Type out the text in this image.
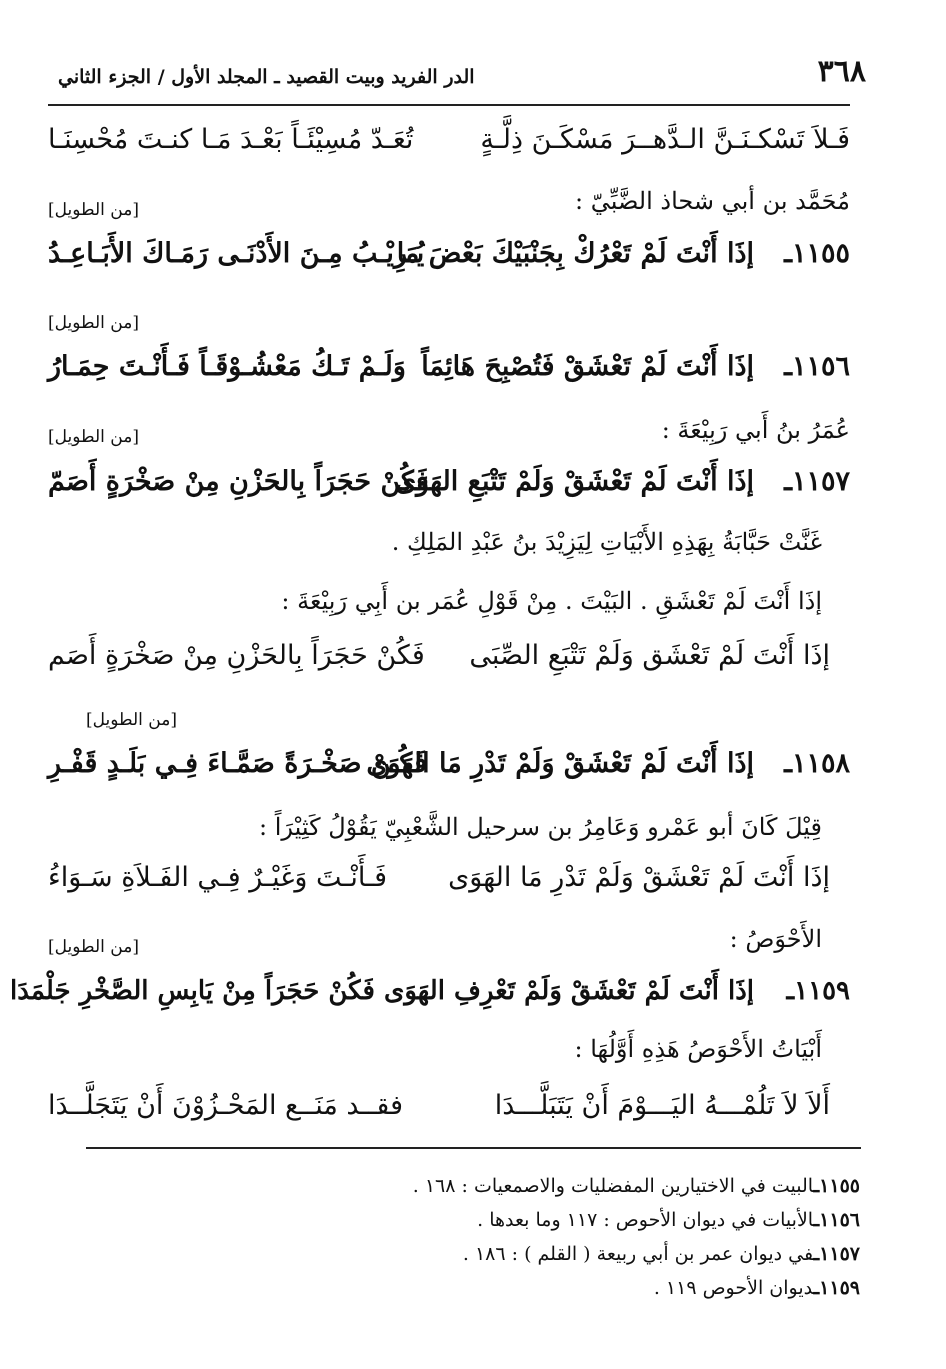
٣٦٨
الدر الفريد وبيت القصيد ـ المجلد الأول / الجزء الثاني
فَـلاَ تَسْكـنَـنَّ الـدَّهــرَ مَسْكَـنَ ذِلَّـةٍ
تُعَـدّ مُسِيْئَـاً بَعْـدَ مَـا كنـتَ مُحْسِنَـا
مُحَمَّد بن أبي شحاذ الضَّبِّيّ :
[من الطويل]
١١٥٥ـ
إذَا أَنْتَ لَمْ تَعْرُكْ بِجَنْبَيْكَ بَعْضَ مَا
يُـرِيْـبُ مِـنَ الأَدْنَـى رَمَـاكَ الأَبَـاعِـدُ
[من الطويل]
١١٥٦ـ
إذَا أَنْتَ لَمْ تَعْشَقْ فَتُصْبِحَ هَائِمَاً
وَلَـمْ تَـكُ مَعْشُـوْقَـاً فَـأَنْـتَ حِمَـارُ
عُمَرُ بنُ أَبي رَبِيْعَةَ :
[من الطويل]
١١٥٧ـ
إذَا أَنْتَ لَمْ تَعْشَقْ وَلَمْ تَتْبَعِ الهَوَى
فَكُنْ حَجَرَاً بِالحَزْنِ مِنْ صَخْرَةٍ أَصَمّ
غَنَّتْ حَبَّابَةُ بِهَذِهِ الأَبْيَاتِ لِيَزِيْدَ بنُ عَبْدِ المَلِكِ .
إذَا أَنْتَ لَمْ تَعْشَقِ . البَيْتَ . مِنْ قَوْلِ عُمَر بن أَبِي رَبِيْعَةَ :
إذَا أَنْتَ لَمْ تَعْشَق وَلَمْ تَتْبَعِ الصِّبَى
فَكُنْ حَجَرَاً بِالحَزْنِ مِنْ صَخْرَةٍ أَصَم
[من الطويل]
١١٥٨ـ
إذَا أَنْتَ لَمْ تَعْشَقْ وَلَمْ تَدْرِ مَا الهَوَى
فَكُـنْ صَخْـرَةً صَمَّـاءَ فِـي بَلَـدٍ قَفْـرِ
قِيْلَ كَانَ أبو عَمْرو وَعَامِرُ بن سرحيل الشَّعْبِيّ يَقُوْلُ كَثِيْرَاً :
إذَا أَنْتَ لَمْ تَعْشَقْ وَلَمْ تَدْرِ مَا الهَوَى
فَـأَنْـتَ وَغَيْـرٌ فِـي الفَـلاَةِ سَـوَاءُ
الأَحْوَصُ :
[من الطويل]
١١٥٩ـ
إذَا أَنْتَ لَمْ تَعْشَقْ وَلَمْ تَعْرِفِ الهَوَى فَكُنْ حَجَرَاً مِنْ يَابِسِ الصَّخْرِ جَلْمَدَا
أَبْيَاتُ الأَحْوَصُ هَذِهِ أَوَّلُهَا :
أَلاَ لاَ تَلُمْـــهُ اليَـــوْمَ أَنْ يَتَبَلَّـــدَا
فقــد مَنَــع المَحْـزُوْنَ أَنْ يَتَجَلَّــدَا
١١٥٥ـالبيت في الاختيارين المفضليات والاصمعيات : ١٦٨ .
١١٥٦ـالأبيات في ديوان الأحوص : ١١٧ وما بعدها .
١١٥٧ـفي ديوان عمر بن أبي ربيعة ( القلم ) : ١٨٦ .
١١٥٩ـديوان الأحوص ١١٩ .
